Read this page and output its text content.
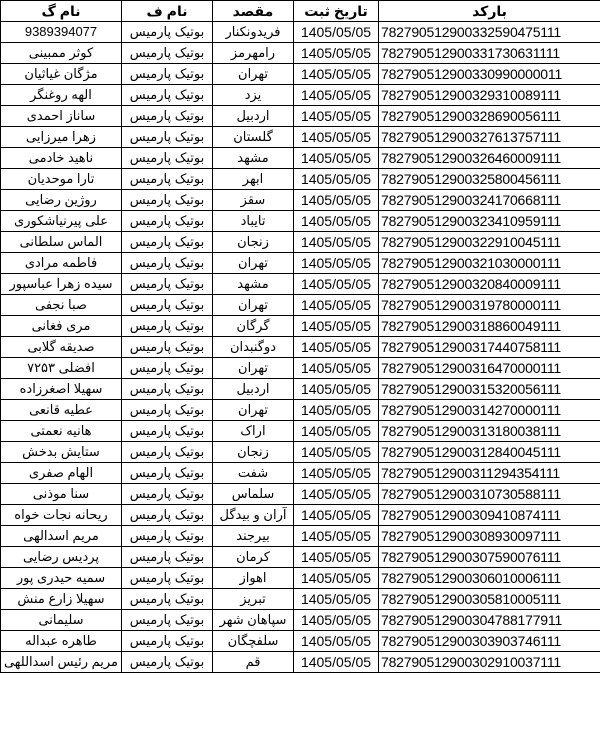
نام گ	نام ف	مقصد	تاریخ ثبت	بارکد
9389394077	بوتیک پارمیس	فریدونکنار	1405/05/05	782790512900332590475111
کوثر ممبینی	بوتیک پارمیس	رامهرمز	1405/05/05	782790512900331730631111
مژگان غیاثیان	بوتیک پارمیس	تهران	1405/05/05	782790512900330990000011
الهه روغنگر	بوتیک پارمیس	یزد	1405/05/05	782790512900329310089111
ساناز احمدی	بوتیک پارمیس	اردبیل	1405/05/05	782790512900328690056111
زهرا میرزایی	بوتیک پارمیس	گلستان	1405/05/05	782790512900327613757111
ناهید خادمی	بوتیک پارمیس	مشهد	1405/05/05	782790512900326460009111
تارا موحدیان	بوتیک پارمیس	ابهر	1405/05/05	782790512900325800456111
روژین رضایی	بوتیک پارمیس	سقز	1405/05/05	782790512900324170668111
علی پیرنیاشکوری	بوتیک پارمیس	تایباد	1405/05/05	782790512900323410959111
الماس سلطانی	بوتیک پارمیس	زنجان	1405/05/05	782790512900322910045111
فاطمه مرادی	بوتیک پارمیس	تهران	1405/05/05	782790512900321030000111
سیده زهرا عباسپور	بوتیک پارمیس	مشهد	1405/05/05	782790512900320840009111
صبا نجفی	بوتیک پارمیس	تهران	1405/05/05	782790512900319780000111
مری فغانی	بوتیک پارمیس	گرگان	1405/05/05	782790512900318860049111
صدیقه گلابی	بوتیک پارمیس	دوگنبدان	1405/05/05	782790512900317440758111
افضلی ۷۲۵۳	بوتیک پارمیس	تهران	1405/05/05	782790512900316470000111
سهیلا اصغرزاده	بوتیک پارمیس	اردبیل	1405/05/05	782790512900315320056111
عطیه قانعی	بوتیک پارمیس	تهران	1405/05/05	782790512900314270000111
هانیه نعمتی	بوتیک پارمیس	اراک	1405/05/05	782790512900313180038111
ستایش بدخش	بوتیک پارمیس	زنجان	1405/05/05	782790512900312840045111
الهام صفری	بوتیک پارمیس	شفت	1405/05/05	782790512900311294354111
سنا موذنی	بوتیک پارمیس	سلماس	1405/05/05	782790512900310730588111
ریحانه نجات خواه	بوتیک پارمیس	آران و بیدگل	1405/05/05	782790512900309410874111
مریم اسدالهی	بوتیک پارمیس	بیرجند	1405/05/05	782790512900308930097111
پردیس رضایی	بوتیک پارمیس	کرمان	1405/05/05	782790512900307590076111
سمیه حیدری پور	بوتیک پارمیس	اهواز	1405/05/05	782790512900306010006111
سهیلا زارع منش	بوتیک پارمیس	تبریز	1405/05/05	782790512900305810005111
سلیمانی	بوتیک پارمیس	سپاهان شهر	1405/05/05	782790512900304788177911
طاهره عبداله	بوتیک پارمیس	سلفچگان	1405/05/05	782790512900303903746111
مریم رئیس اسداللهی	بوتیک پارمیس	قم	1405/05/05	782790512900302910037111
